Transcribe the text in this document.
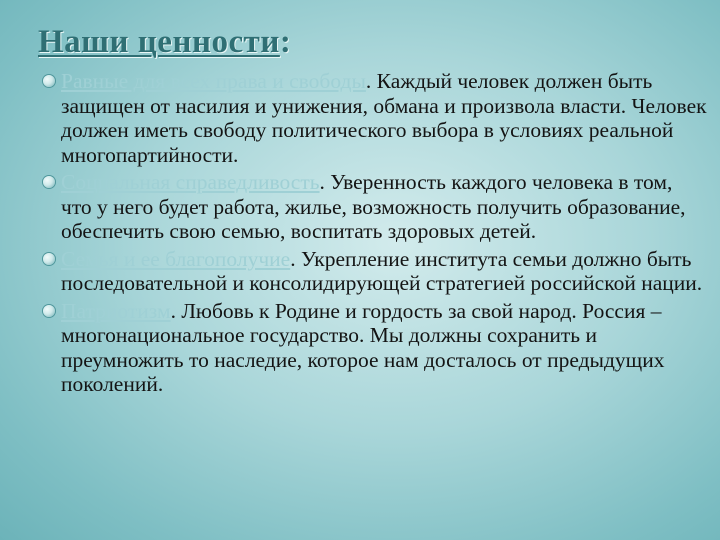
Наши ценности:
Равные для всех права и свободы. Каждый человек должен быть защищен от насилия и унижения, обмана и произвола власти. Человек должен иметь свободу политического выбора в условиях реальной многопартийности.
Социальная справедливость. Уверенность каждого человека в том, что у него будет работа, жилье, возможность получить образование, обеспечить свою семью, воспитать здоровых детей.
Семья и ее благополучие. Укрепление института семьи должно быть последовательной и консолидирующей стратегией российской нации.
Патриотизм. Любовь к Родине и гордость за свой народ. Россия – многонациональное государство. Мы должны сохранить и преумножить то наследие, которое нам досталось от предыдущих поколений.
